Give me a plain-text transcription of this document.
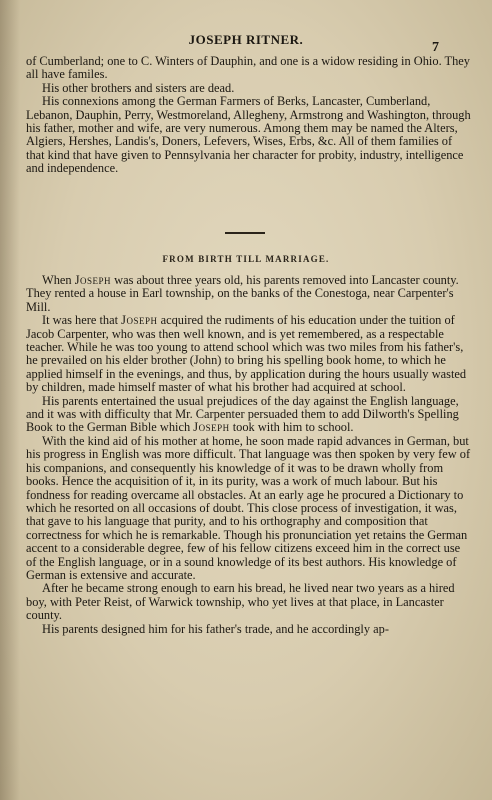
JOSEPH RITNER.
7

of Cumberland; one to C. Winters of Dauphin, and one is a widow residing in Ohio. They all have familes.

His other brothers and sisters are dead.

His connexions among the German Farmers of Berks, Lancaster, Cumberland, Lebanon, Dauphin, Perry, Westmoreland, Allegheny, Armstrong and Washington, through his father, mother and wife, are very numerous. Among them may be named the Alters, Algiers, Hershes, Landis's, Doners, Lefevers, Wises, Erbs, &c. All of them families of that kind that have given to Pennsylvania her character for probity, industry, intelligence and independence.

FROM BIRTH TILL MARRIAGE.

When Joseph was about three years old, his parents removed into Lancaster county. They rented a house in Earl township, on the banks of the Conestoga, near Carpenter's Mill.

It was here that Joseph acquired the rudiments of his education under the tuition of Jacob Carpenter, who was then well known, and is yet remembered, as a respectable teacher. While he was too young to attend school which was two miles from his father's, he prevailed on his elder brother (John) to bring his spelling book home, to which he applied himself in the evenings, and thus, by application during the hours usually wasted by children, made himself master of what his brother had acquired at school.

His parents entertained the usual prejudices of the day against the English language, and it was with difficulty that Mr. Carpenter persuaded them to add Dilworth's Spelling Book to the German Bible which Joseph took with him to school.

With the kind aid of his mother at home, he soon made rapid advances in German, but his progress in English was more difficult. That language was then spoken by very few of his companions, and consequently his knowledge of it was to be drawn wholly from books. Hence the acquisition of it, in its purity, was a work of much labour. But his fondness for reading overcame all obstacles. At an early age he procured a Dictionary to which he resorted on all occasions of doubt. This close process of investigation, it was, that gave to his language that purity, and to his orthography and composition that correctness for which he is remarkable. Though his pronunciation yet retains the German accent to a considerable degree, few of his fellow citizens exceed him in the correct use of the English language, or in a sound knowledge of its best authors. His knowledge of German is extensive and accurate.

After he became strong enough to earn his bread, he lived near two years as a hired boy, with Peter Reist, of Warwick township, who yet lives at that place, in Lancaster county.

His parents designed him for his father's trade, and he accordingly ap-
